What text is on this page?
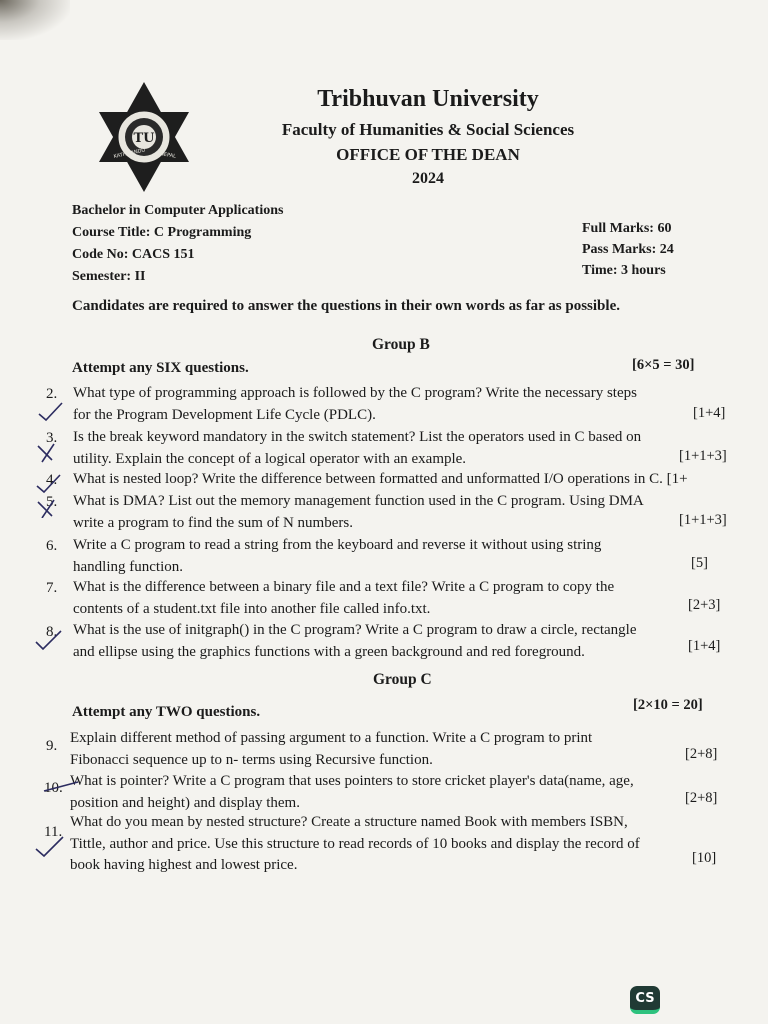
TU
KATHMANDU	NEPAL
Tribhuvan University
Faculty of Humanities & Social Sciences
OFFICE OF THE DEAN
2024
Bachelor in Computer Applications
Course Title: C Programming
Code No: CACS 151
Semester: II
Full Marks: 60
Pass Marks: 24
Time: 3 hours
Candidates are required to answer the questions in their own words as far as possible.
Group B
Attempt any SIX questions.	[6×5 = 30]
2. What type of programming approach is followed by the C program? Write the necessary steps
for the Program Development Life Cycle (PDLC).	[1+4]
3. Is the break keyword mandatory in the switch statement? List the operators used in C based on
utility. Explain the concept of a logical operator with an example.	[1+1+3]
4. What is nested loop? Write the difference between formatted and unformatted I/O operations in C. [1+
5. What is DMA? List out the memory management function used in the C program. Using DMA
write a program to find the sum of N numbers.	[1+1+3]
6. Write a C program to read a string from the keyboard and reverse it without using string
handling function.	[5]
7. What is the difference between a binary file and a text file? Write a C program to copy the
contents of a student.txt file into another file called info.txt.	[2+3]
8. What is the use of initgraph() in the C program? Write a C program to draw a circle, rectangle
and ellipse using the graphics functions with a green background and red foreground.	[1+4]
Group C
Attempt any TWO questions.	[2×10 = 20]
9. Explain different method of passing argument to a function. Write a C program to print
Fibonacci sequence up to n- terms using Recursive function.	[2+8]
10. What is pointer? Write a C program that uses pointers to store cricket player's data(name, age,
position and height) and display them.	[2+8]
11.
What do you mean by nested structure? Create a structure named Book with members ISBN,
Tittle, author and price. Use this structure to read records of 10 books and display the record of
book having highest and lowest price.	[10]
CS
